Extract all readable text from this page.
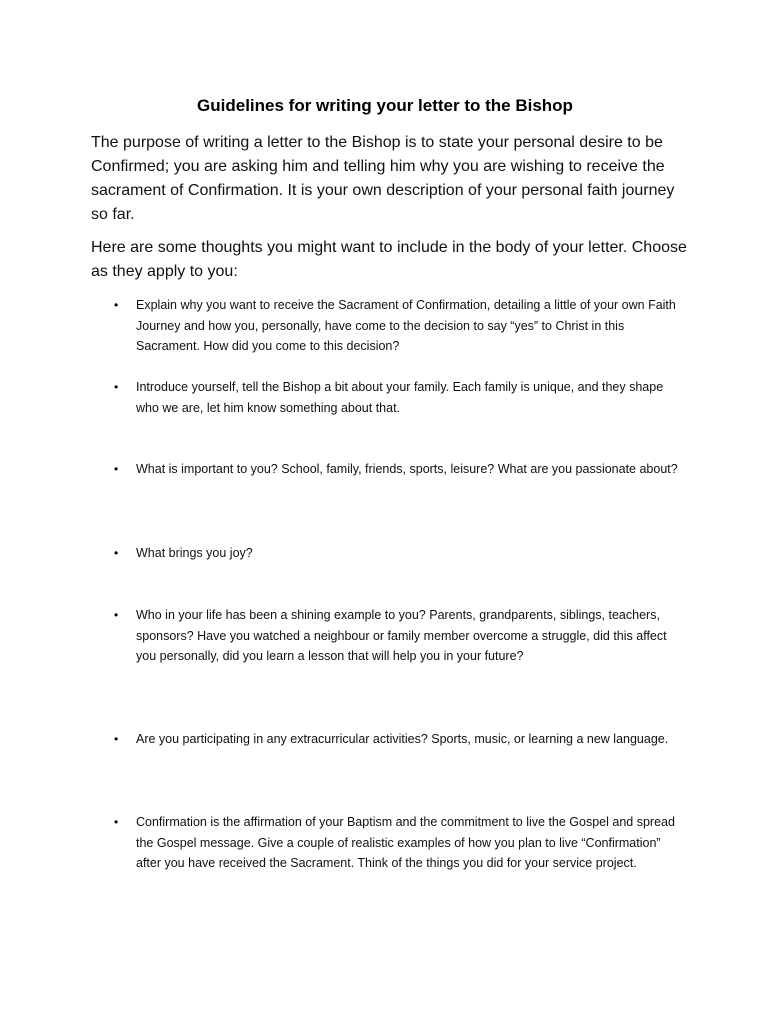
Guidelines for writing your letter to the Bishop
The purpose of writing a letter to the Bishop is to state your personal desire to be Confirmed; you are asking him and telling him why you are wishing to receive the sacrament of Confirmation. It is your own description of your personal faith journey so far.
Here are some thoughts you might want to include in the body of your letter. Choose as they apply to you:
• Explain why you want to receive the Sacrament of Confirmation, detailing a little of your own Faith Journey and how you, personally, have come to the decision to say “yes” to Christ in this Sacrament. How did you come to this decision?
• Introduce yourself, tell the Bishop a bit about your family. Each family is unique, and they shape who we are, let him know something about that.
• What is important to you? School, family, friends, sports, leisure? What are you passionate about?
• What brings you joy?
• Who in your life has been a shining example to you? Parents, grandparents, siblings, teachers, sponsors? Have you watched a neighbour or family member overcome a struggle, did this affect you personally, did you learn a lesson that will help you in your future?
• Are you participating in any extracurricular activities? Sports, music, or learning a new language.
• Confirmation is the affirmation of your Baptism and the commitment to live the Gospel and spread the Gospel message. Give a couple of realistic examples of how you plan to live “Confirmation” after you have received the Sacrament. Think of the things you did for your service project.
